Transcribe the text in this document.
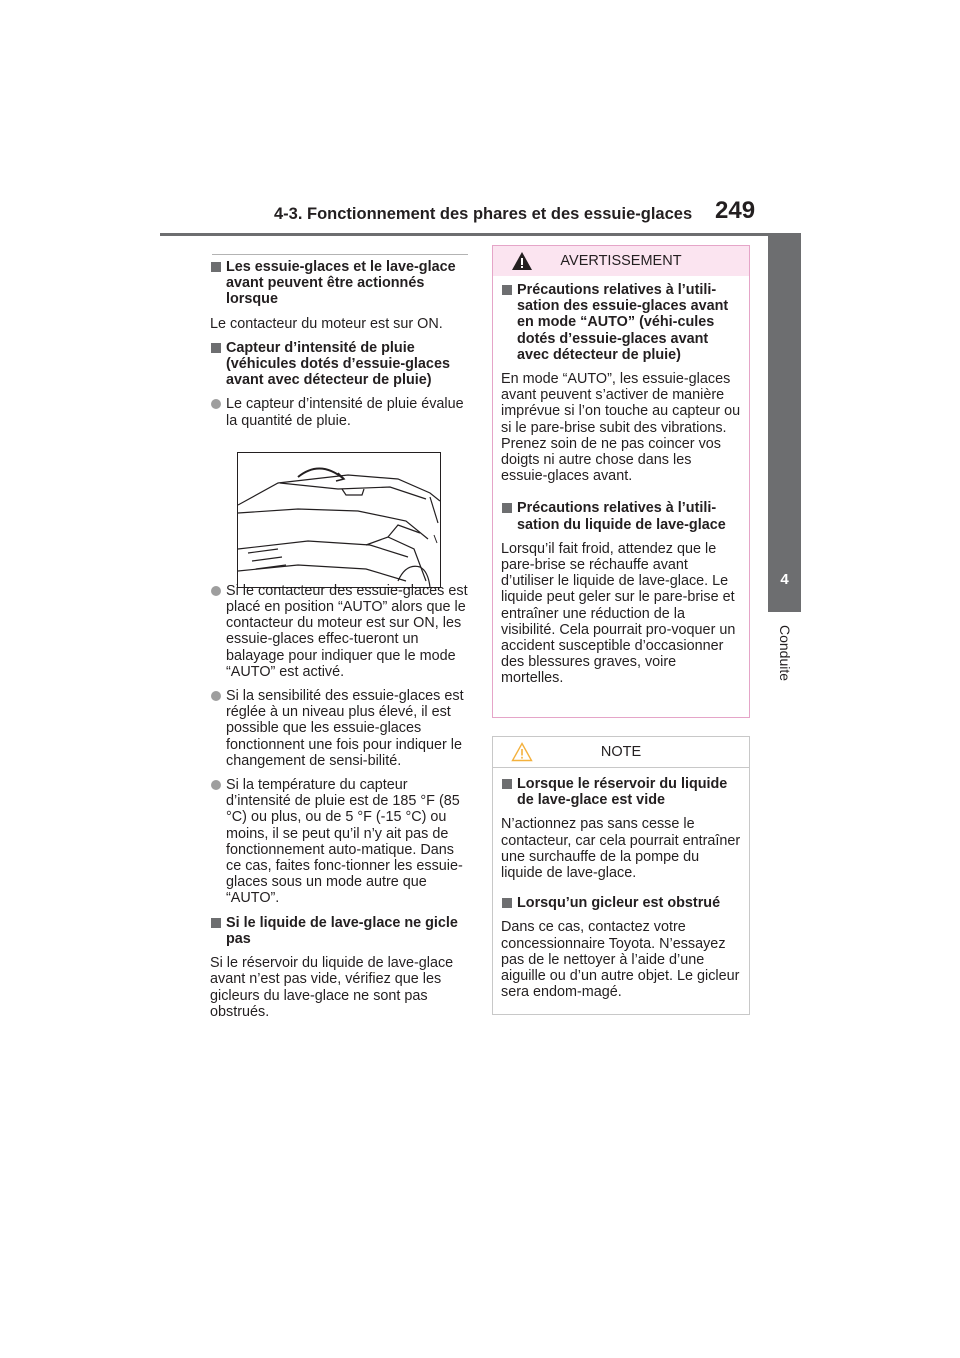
4-3. Fonctionnement des phares et des essuie-glaces 249
4
Conduite
Les essuie-glaces et le lave-glace avant peuvent être actionnés lorsque
Le contacteur du moteur est sur ON.
Capteur d’intensité de pluie (véhicules dotés d’essuie-glaces avant avec détecteur de pluie)
Le capteur d’intensité de pluie évalue la quantité de pluie.
Si le contacteur des essuie-glaces est placé en position “AUTO” alors que le contacteur du moteur est sur ON, les essuie-glaces effec-tueront un balayage pour indiquer que le mode “AUTO” est activé.
Si la sensibilité des essuie-glaces est réglée à un niveau plus élevé, il est possible que les essuie-glaces fonctionnent une fois pour indiquer le changement de sensi-bilité.
Si la température du capteur d’intensité de pluie est de 185 °F (85 °C) ou plus, ou de 5 °F (-15 °C) ou moins, il se peut qu’il n’y ait pas de fonctionnement auto-matique. Dans ce cas, faites fonc-tionner les essuie-glaces sous un mode autre que “AUTO”.
Si le liquide de lave-glace ne gicle pas
Si le réservoir du liquide de lave-glace avant n’est pas vide, vérifiez que les gicleurs du lave-glace ne sont pas obstrués.
AVERTISSEMENT
Précautions relatives à l’utili-sation des essuie-glaces avant en mode “AUTO” (véhi-cules dotés d’essuie-glaces avant avec détecteur de pluie)
En mode “AUTO”, les essuie-glaces avant peuvent s’activer de manière imprévue si l’on touche au capteur ou si le pare-brise subit des vibrations. Prenez soin de ne pas coincer vos doigts ni autre chose dans les essuie-glaces avant.
Précautions relatives à l’utili-sation du liquide de lave-glace
Lorsqu’il fait froid, attendez que le pare-brise se réchauffe avant d’utiliser le liquide de lave-glace. Le liquide peut geler sur le pare-brise et entraîner une réduction de la visibilité. Cela pourrait pro-voquer un accident susceptible d’occasionner des blessures graves, voire mortelles.
NOTE
Lorsque le réservoir du liquide de lave-glace est vide
N’actionnez pas sans cesse le contacteur, car cela pourrait entraîner une surchauffe de la pompe du liquide de lave-glace.
Lorsqu’un gicleur est obstrué
Dans ce cas, contactez votre concessionnaire Toyota. N’essayez pas de le nettoyer à l’aide d’une aiguille ou d’un autre objet. Le gicleur sera endom-magé.
